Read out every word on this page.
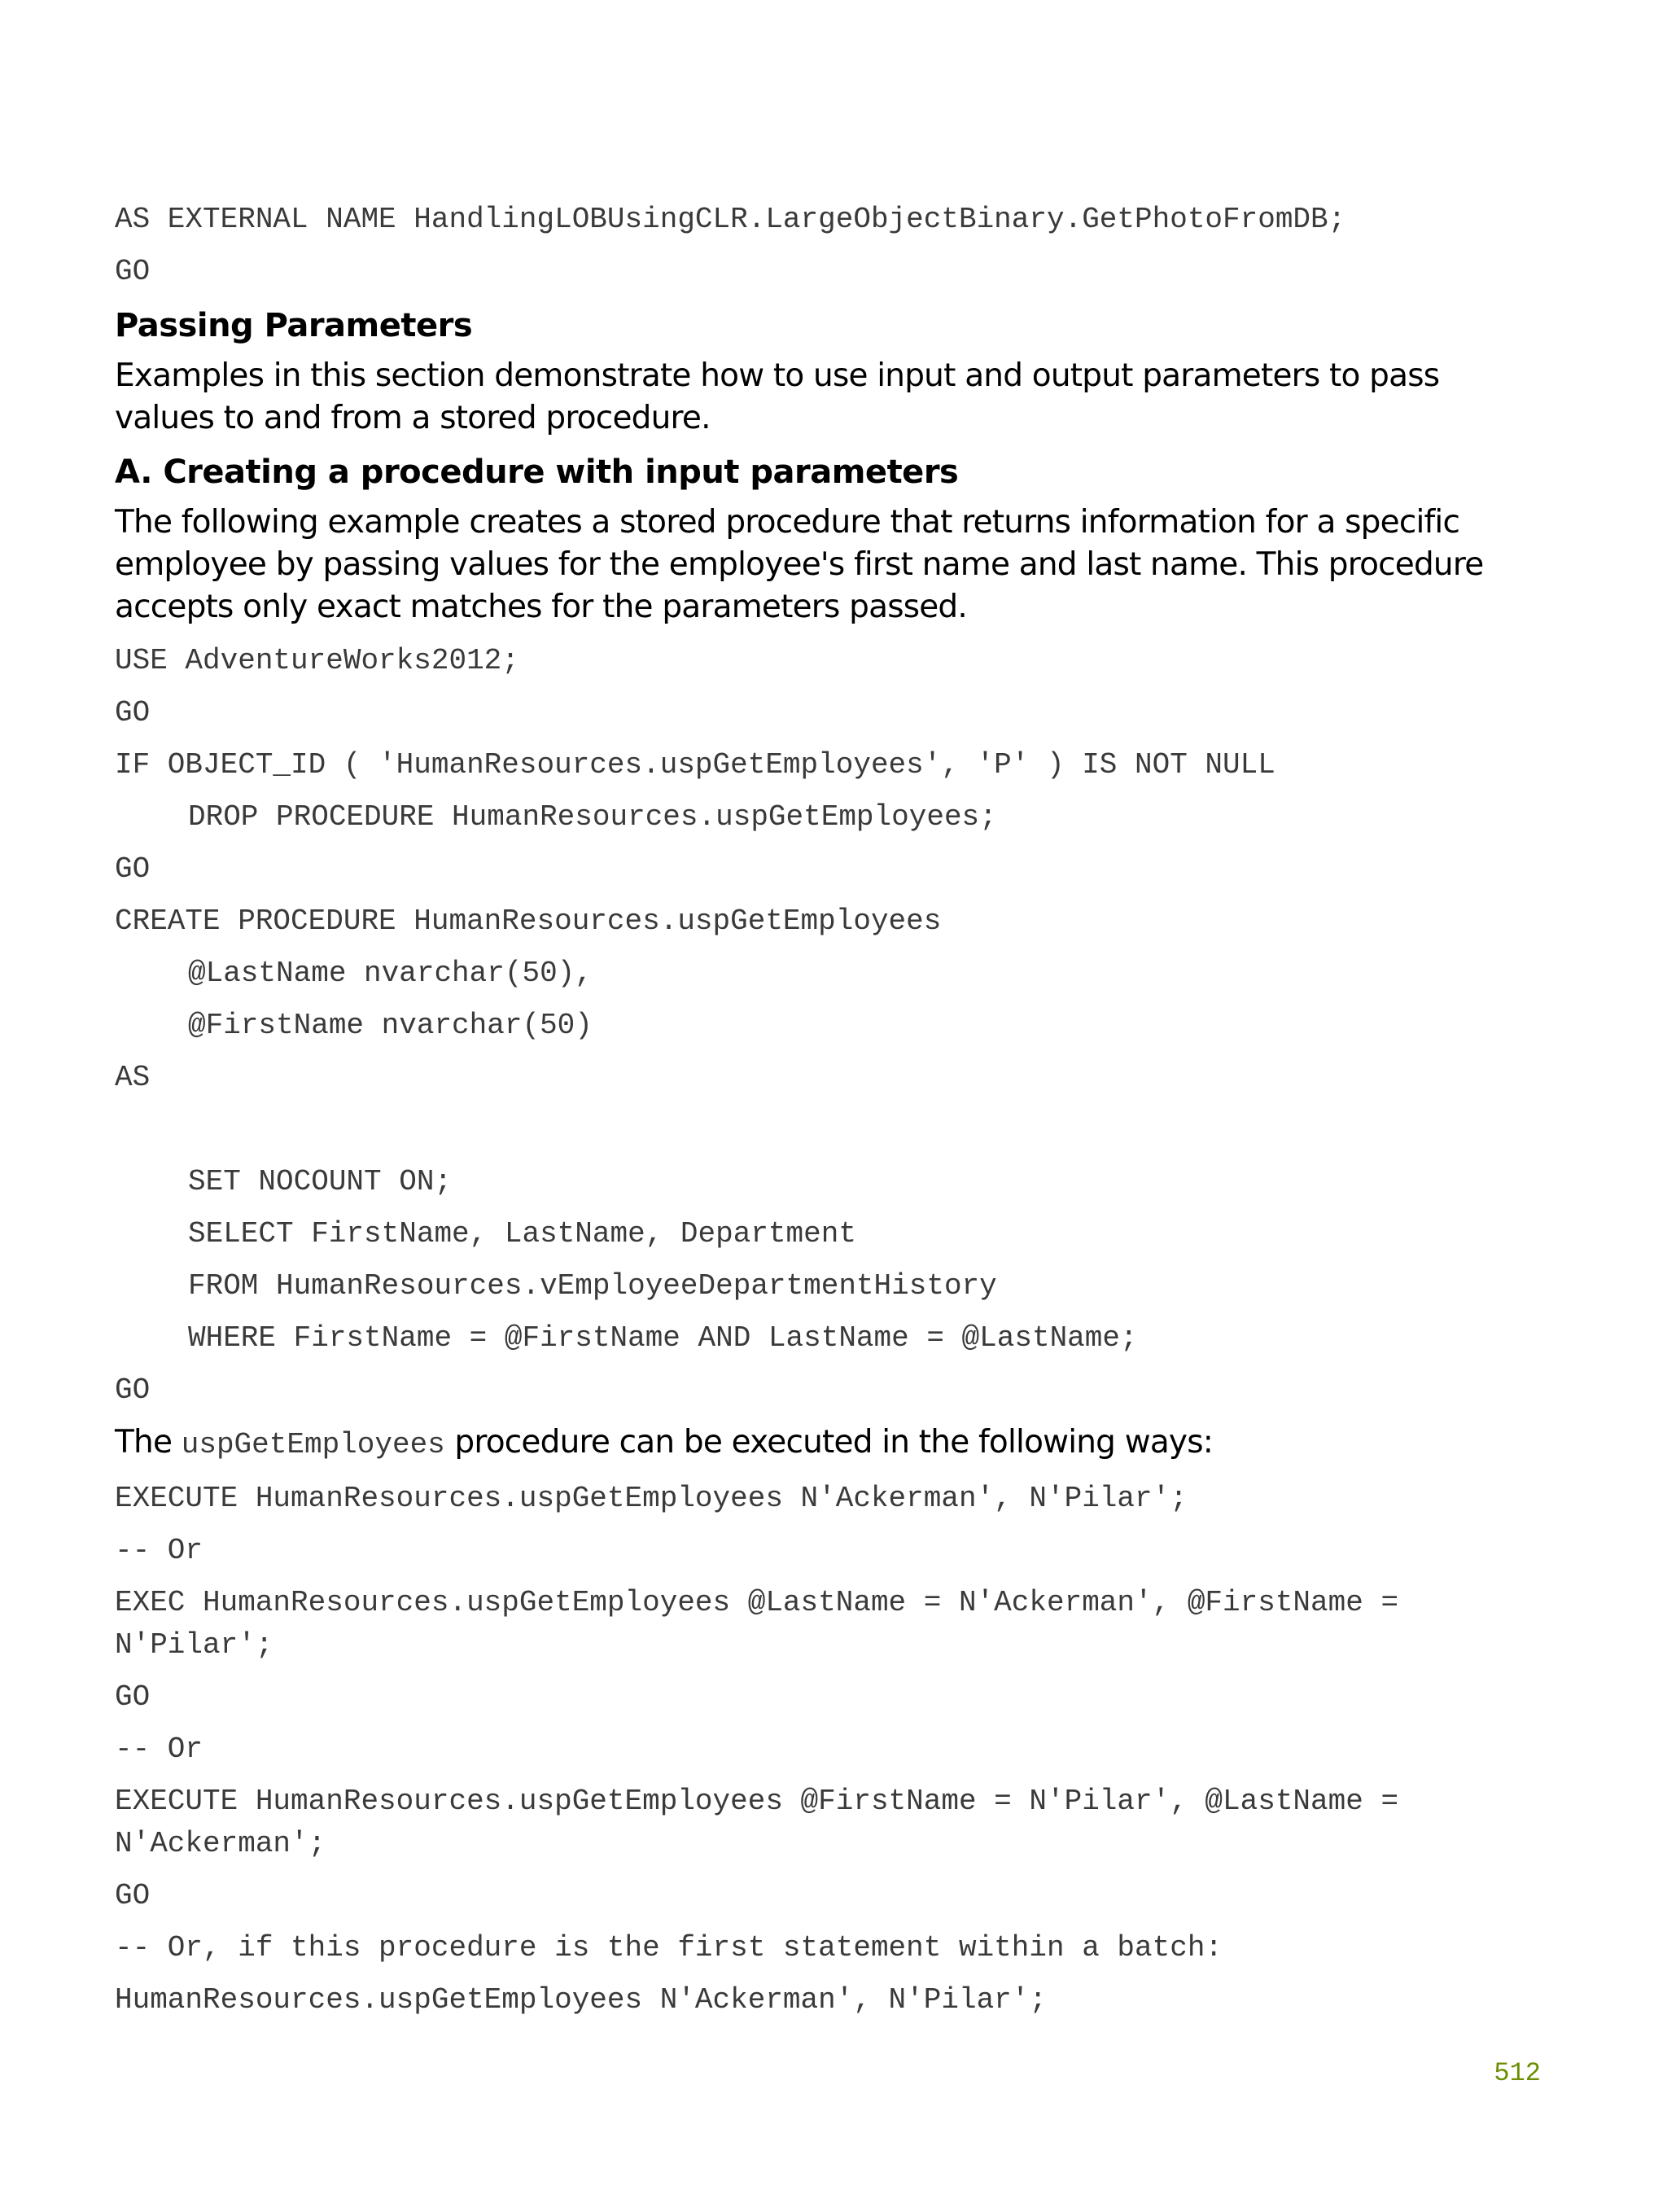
AS EXTERNAL NAME HandlingLOBUsingCLR.LargeObjectBinary.GetPhotoFromDB;
GO
Passing Parameters

Examples in this section demonstrate how to use input and output parameters to pass values to and from a stored procedure.

A. Creating a procedure with input parameters

The following example creates a stored procedure that returns information for a specific employee by passing values for the employee's first name and last name. This procedure accepts only exact matches for the parameters passed.

USE AdventureWorks2012;
GO
IF OBJECT_ID ( 'HumanResources.uspGetEmployees', 'P' ) IS NOT NULL
DROP PROCEDURE HumanResources.uspGetEmployees;
GO
CREATE PROCEDURE HumanResources.uspGetEmployees
@LastName nvarchar(50),
@FirstName nvarchar(50)
AS
SET NOCOUNT ON;
SELECT FirstName, LastName, Department
FROM HumanResources.vEmployeeDepartmentHistory
WHERE FirstName = @FirstName AND LastName = @LastName;
GO

The uspGetEmployees procedure can be executed in the following ways:

EXECUTE HumanResources.uspGetEmployees N'Ackerman', N'Pilar';
-- Or
EXEC HumanResources.uspGetEmployees @LastName = N'Ackerman', @FirstName = N'Pilar';
GO
-- Or
EXECUTE HumanResources.uspGetEmployees @FirstName = N'Pilar', @LastName = N'Ackerman';
GO
-- Or, if this procedure is the first statement within a batch:
HumanResources.uspGetEmployees N'Ackerman', N'Pilar';
512
